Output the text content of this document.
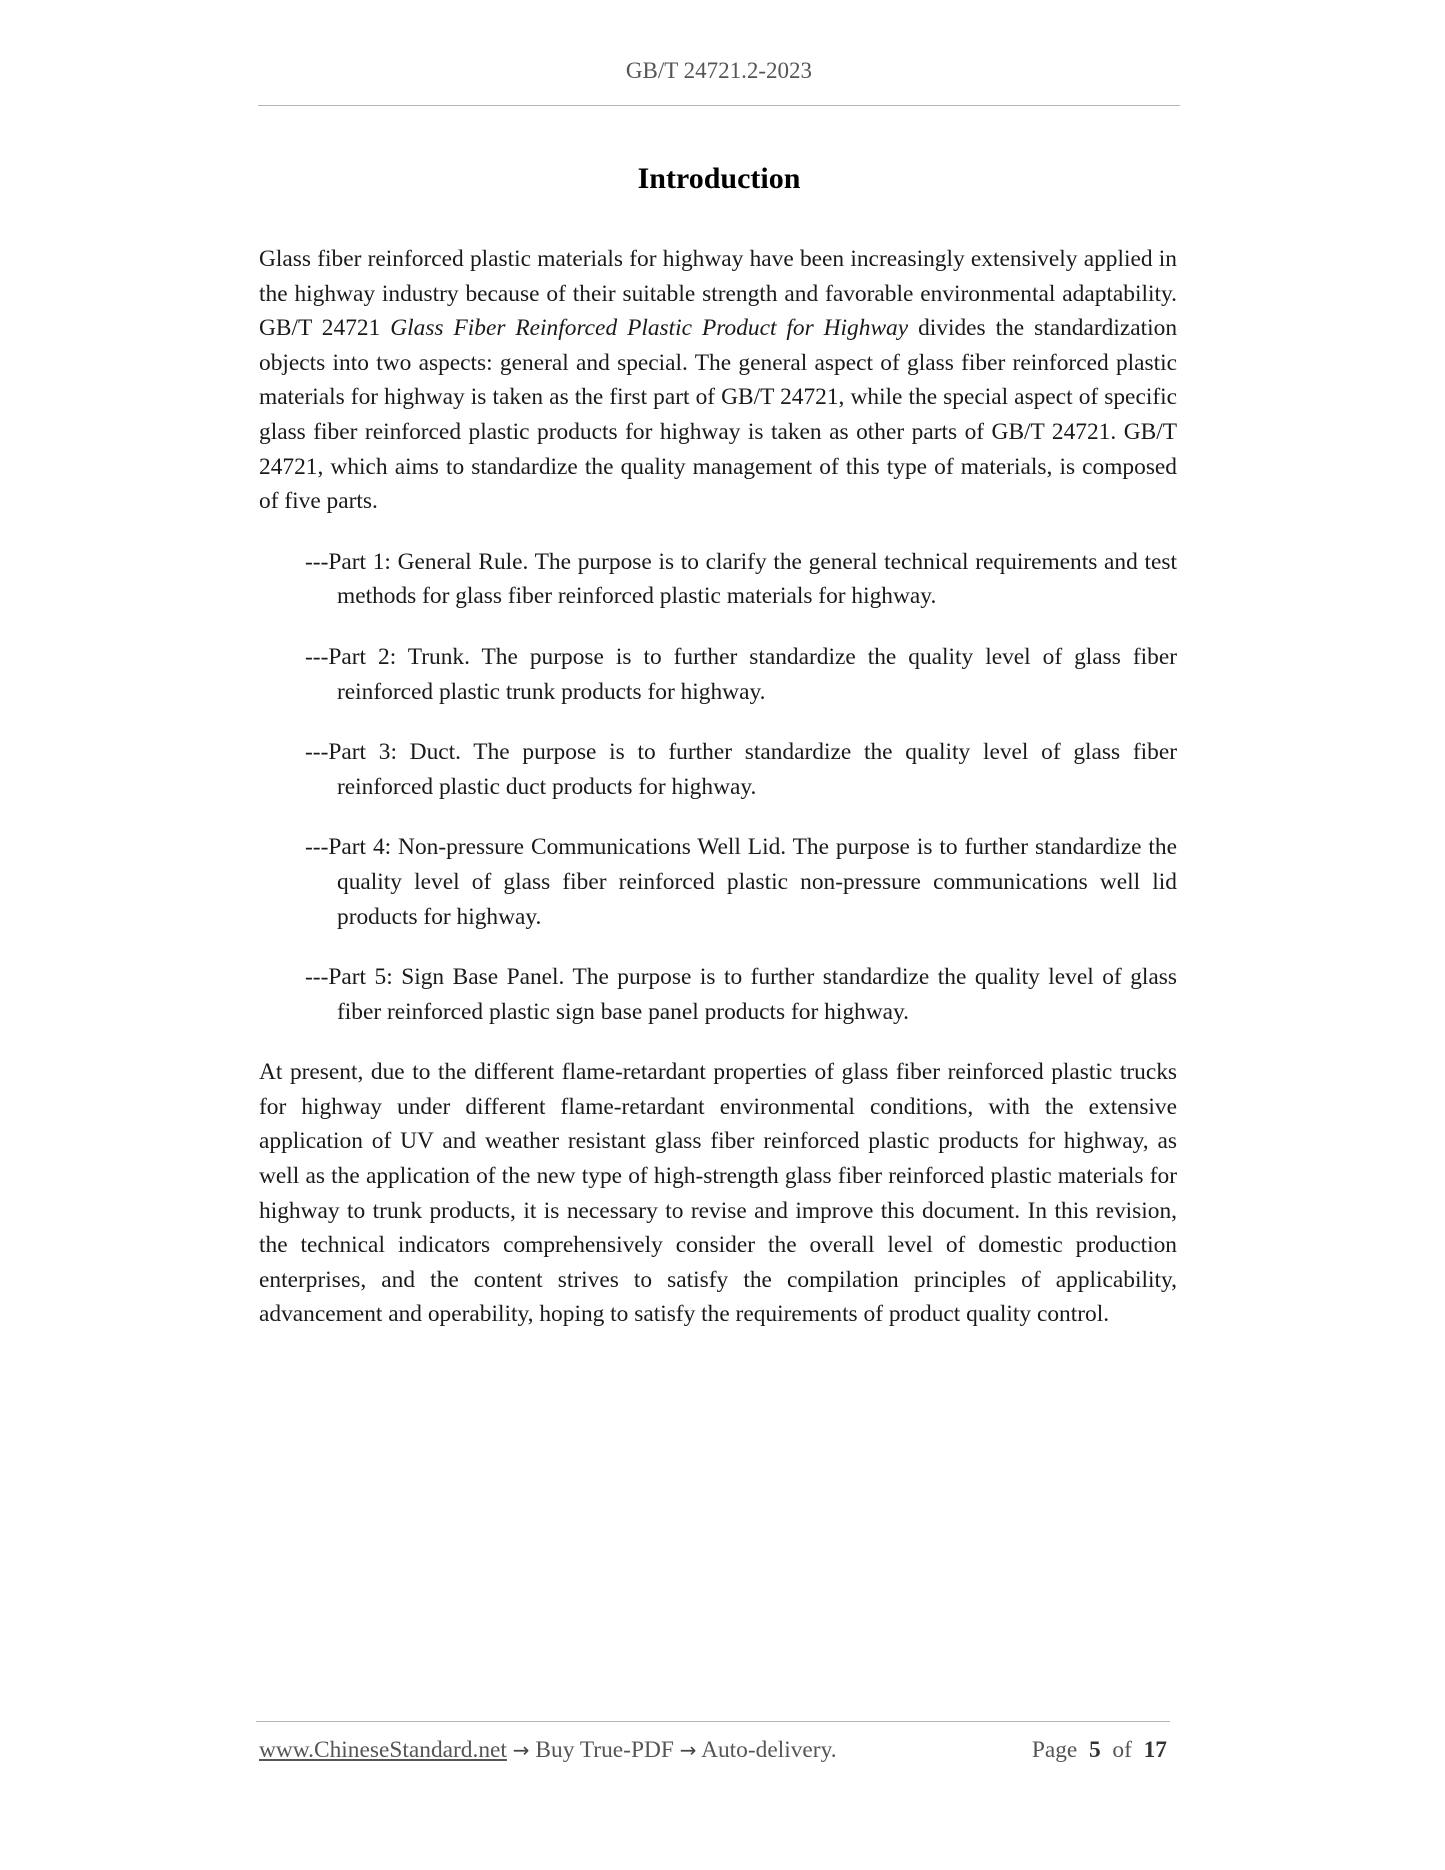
GB/T 24721.2-2023
Introduction

Glass fiber reinforced plastic materials for highway have been increasingly extensively applied in the highway industry because of their suitable strength and favorable environmental adaptability. GB/T 24721 Glass Fiber Reinforced Plastic Product for Highway divides the standardization objects into two aspects: general and special. The general aspect of glass fiber reinforced plastic materials for highway is taken as the first part of GB/T 24721, while the special aspect of specific glass fiber reinforced plastic products for highway is taken as other parts of GB/T 24721. GB/T 24721, which aims to standardize the quality management of this type of materials, is composed of five parts.

---Part 1: General Rule. The purpose is to clarify the general technical requirements and test methods for glass fiber reinforced plastic materials for highway.
---Part 2: Trunk. The purpose is to further standardize the quality level of glass fiber reinforced plastic trunk products for highway.
---Part 3: Duct. The purpose is to further standardize the quality level of glass fiber reinforced plastic duct products for highway.
---Part 4: Non-pressure Communications Well Lid. The purpose is to further standardize the quality level of glass fiber reinforced plastic non-pressure communications well lid products for highway.
---Part 5: Sign Base Panel. The purpose is to further standardize the quality level of glass fiber reinforced plastic sign base panel products for highway.

At present, due to the different flame-retardant properties of glass fiber reinforced plastic trucks for highway under different flame-retardant environmental conditions, with the extensive application of UV and weather resistant glass fiber reinforced plastic products for highway, as well as the application of the new type of high-strength glass fiber reinforced plastic materials for highway to trunk products, it is necessary to revise and improve this document. In this revision, the technical indicators comprehensively consider the overall level of domestic production enterprises, and the content strives to satisfy the compilation principles of applicability, advancement and operability, hoping to satisfy the requirements of product quality control.

www.ChineseStandard.net → Buy True-PDF → Auto-delivery.	Page 5 of 17
